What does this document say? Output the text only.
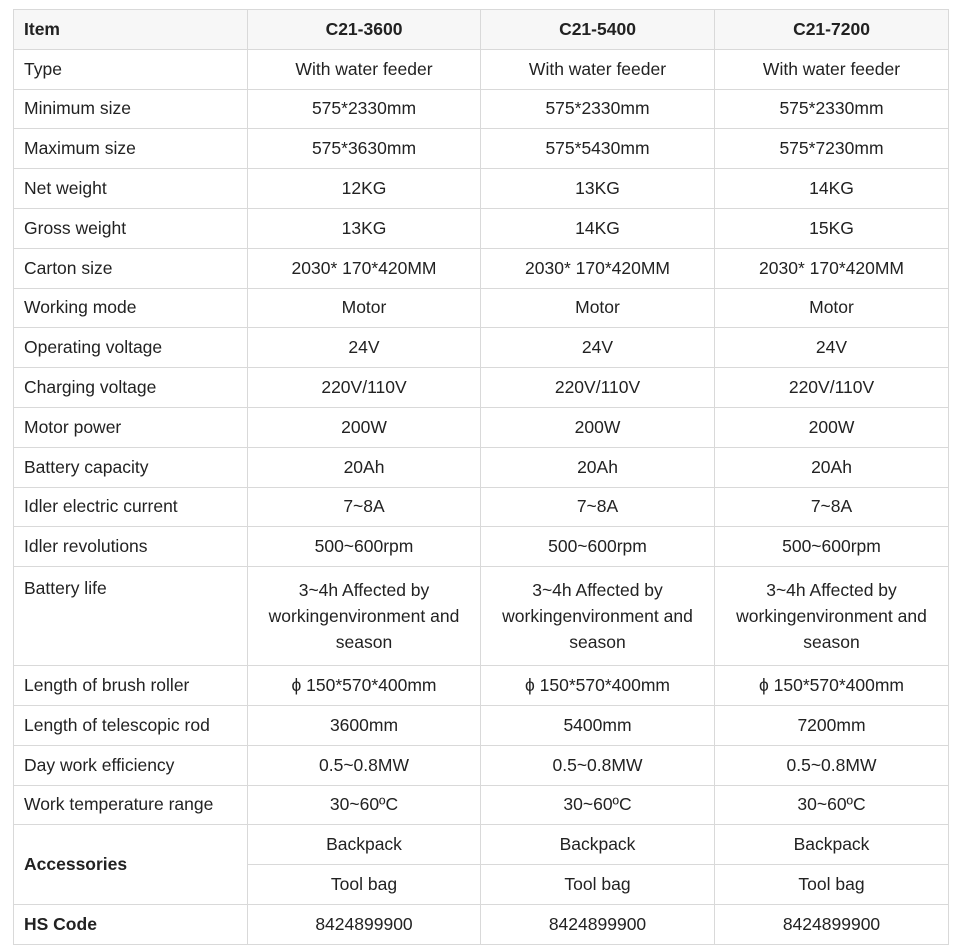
Item	C21-3600	C21-5400	C21-7200
Type	With water feeder	With water feeder	With water feeder
Minimum size	575*2330mm	575*2330mm	575*2330mm
Maximum size	575*3630mm	575*5430mm	575*7230mm
Net weight	12KG	13KG	14KG
Gross weight	13KG	14KG	15KG
Carton size	2030* 170*420MM	2030* 170*420MM	2030* 170*420MM
Working mode	Motor	Motor	Motor
Operating voltage	24V	24V	24V
Charging voltage	220V/110V	220V/110V	220V/110V
Motor power	200W	200W	200W
Battery capacity	20Ah	20Ah	20Ah
Idler electric current	7~8A	7~8A	7~8A
Idler revolutions	500~600rpm	500~600rpm	500~600rpm
Battery life	3~4h Affected by workingenvironment and season	3~4h Affected by workingenvironment and season	3~4h Affected by workingenvironment and season
Length of brush roller	ϕ 150*570*400mm	ϕ 150*570*400mm	ϕ 150*570*400mm
Length of telescopic rod	3600mm	5400mm	7200mm
Day work efficiency	0.5~0.8MW	0.5~0.8MW	0.5~0.8MW
Work temperature range	30~60ºC	30~60ºC	30~60ºC
Accessories	Backpack	Backpack	Backpack
	Tool bag	Tool bag	Tool bag
HS Code	8424899900	8424899900	8424899900
